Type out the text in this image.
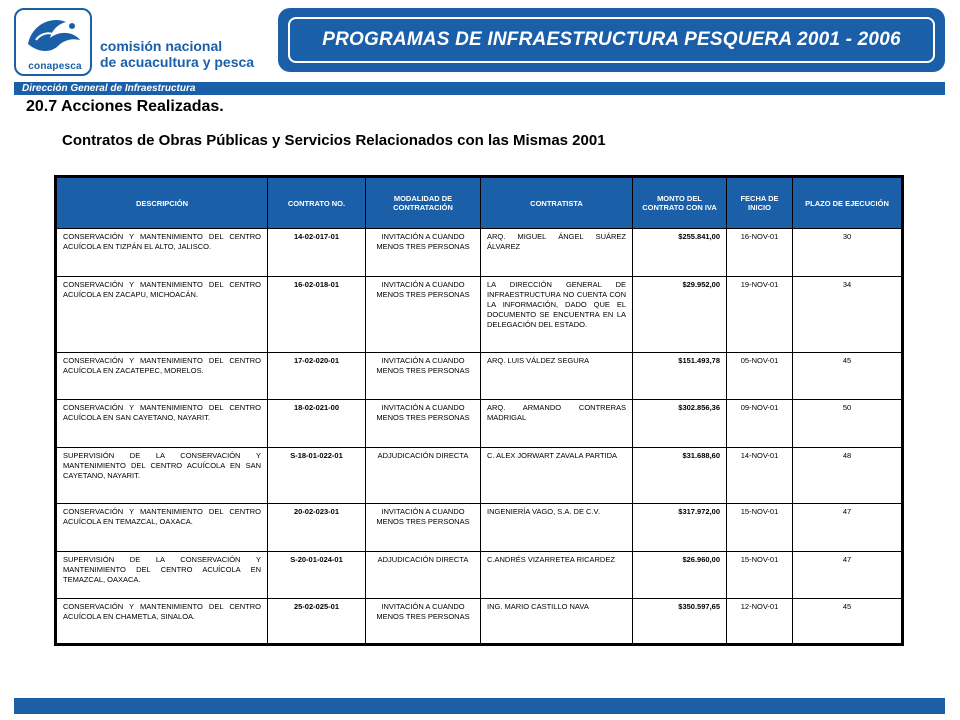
conapesca
comisión nacional
de acuacultura y pesca
PROGRAMAS DE INFRAESTRUCTURA PESQUERA 2001 - 2006
Dirección General de Infraestructura
20.7 Acciones Realizadas.
Contratos de Obras Públicas y Servicios Relacionados con las Mismas 2001
DESCRIPCIÓN	CONTRATO NO.	MODALIDAD DE CONTRATACIÓN	CONTRATISTA	MONTO DEL CONTRATO CON IVA	FECHA DE INICIO	PLAZO DE EJECUCIÓN
CONSERVACIÓN Y MANTENIMIENTO DEL CENTRO ACUÍCOLA EN TIZPÁN EL ALTO, JALISCO.	14-02-017-01	INVITACIÓN A CUANDO MENOS TRES PERSONAS	ARQ. MIGUEL ÁNGEL SUÁREZ ÁLVAREZ	$255.841,00	16-NOV-01	30
CONSERVACIÓN Y MANTENIMIENTO DEL CENTRO ACUÍCOLA EN ZACAPU, MICHOACÁN.	16-02-018-01	INVITACIÓN A CUANDO MENOS TRES PERSONAS	LA DIRECCIÓN GENERAL DE INFRAESTRUCTURA NO CUENTA CON LA INFORMACIÓN, DADO QUE EL DOCUMENTO SE ENCUENTRA EN LA DELEGACIÓN DEL ESTADO.	$29.952,00	19-NOV-01	34
CONSERVACIÓN Y MANTENIMIENTO DEL CENTRO ACUÍCOLA EN ZACATEPEC, MORELOS.	17-02-020-01	INVITACIÓN A CUANDO MENOS TRES PERSONAS	ARQ. LUIS VÁLDEZ SEGURA	$151.493,78	05-NOV-01	45
CONSERVACIÓN Y MANTENIMIENTO DEL CENTRO ACUÍCOLA EN SAN CAYETANO, NAYARIT.	18-02-021-00	INVITACIÓN A CUANDO MENOS TRES PERSONAS	ARQ. ARMANDO CONTRERAS MADRIGAL	$302.856,36	09-NOV-01	50
SUPERVISIÓN DE LA CONSERVACIÓN Y MANTENIMIENTO DEL CENTRO ACUÍCOLA EN SAN CAYETANO, NAYARIT.	S-18-01-022-01	ADJUDICACIÓN DIRECTA	C. ALEX JORWART ZAVALA PARTIDA	$31.688,60	14-NOV-01	48
CONSERVACIÓN Y MANTENIMIENTO DEL CENTRO ACUÍCOLA EN TEMAZCAL, OAXACA.	20-02-023-01	INVITACIÓN A CUANDO MENOS TRES PERSONAS	INGENIERÍA VAGO, S.A. DE C.V.	$317.972,00	15-NOV-01	47
SUPERVISIÓN DE LA CONSERVACIÓN Y MANTENIMIENTO DEL CENTRO ACUÍCOLA EN TEMAZCAL, OAXACA.	S-20-01-024-01	ADJUDICACIÓN DIRECTA	C.ANDRÉS VIZARRETEA RICARDEZ	$26.960,00	15-NOV-01	47
CONSERVACIÓN Y MANTENIMIENTO DEL CENTRO ACUÍCOLA EN CHAMETLA, SINALOA.	25-02-025-01	INVITACIÓN A CUANDO MENOS TRES PERSONAS	ING. MARIO CASTILLO NAVA	$350.597,65	12-NOV-01	45
